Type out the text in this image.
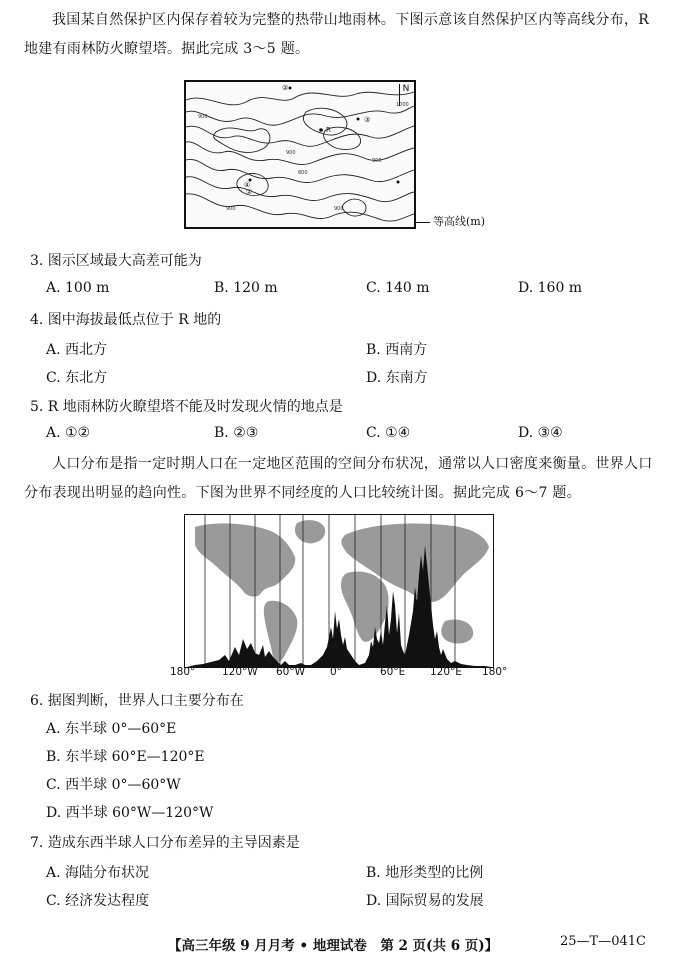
我国某自然保护区内保存着较为完整的热带山地雨林。下图示意该自然保护区内等高线分布，R 地建有雨林防火瞭望塔。据此完成 3～5 题。
②
③
R
④
①
1000
900
900
900
900	900
800
N
等高线(m)
3. 图示区域最大高差可能为
A. 100 m	B. 120 m	C. 140 m	D. 160 m
4. 图中海拔最低点位于 R 地的
A. 西北方	B. 西南方
C. 东北方	D. 东南方
5. R 地雨林防火瞭望塔不能及时发现火情的地点是
A. ①②	B. ②③	C. ①④	D. ③④
人口分布是指一定时期人口在一定地区范围的空间分布状况，通常以人口密度来衡量。世界人口分布表现出明显的趋向性。下图为世界不同经度的人口比较统计图。据此完成 6～7 题。
180°	120°W 60°W 0°	60°E 120°E 180°
6. 据图判断，世界人口主要分布在
A. 东半球 0°—60°E
B. 东半球 60°E—120°E
C. 西半球 0°—60°W
D. 西半球 60°W—120°W
7. 造成东西半球人口分布差异的主导因素是
A. 海陆分布状况	B. 地形类型的比例
C. 经济发达程度	D. 国际贸易的发展
【高三年级 9 月月考 • 地理试卷　第 2 页(共 6 页)】	25—T—041C
